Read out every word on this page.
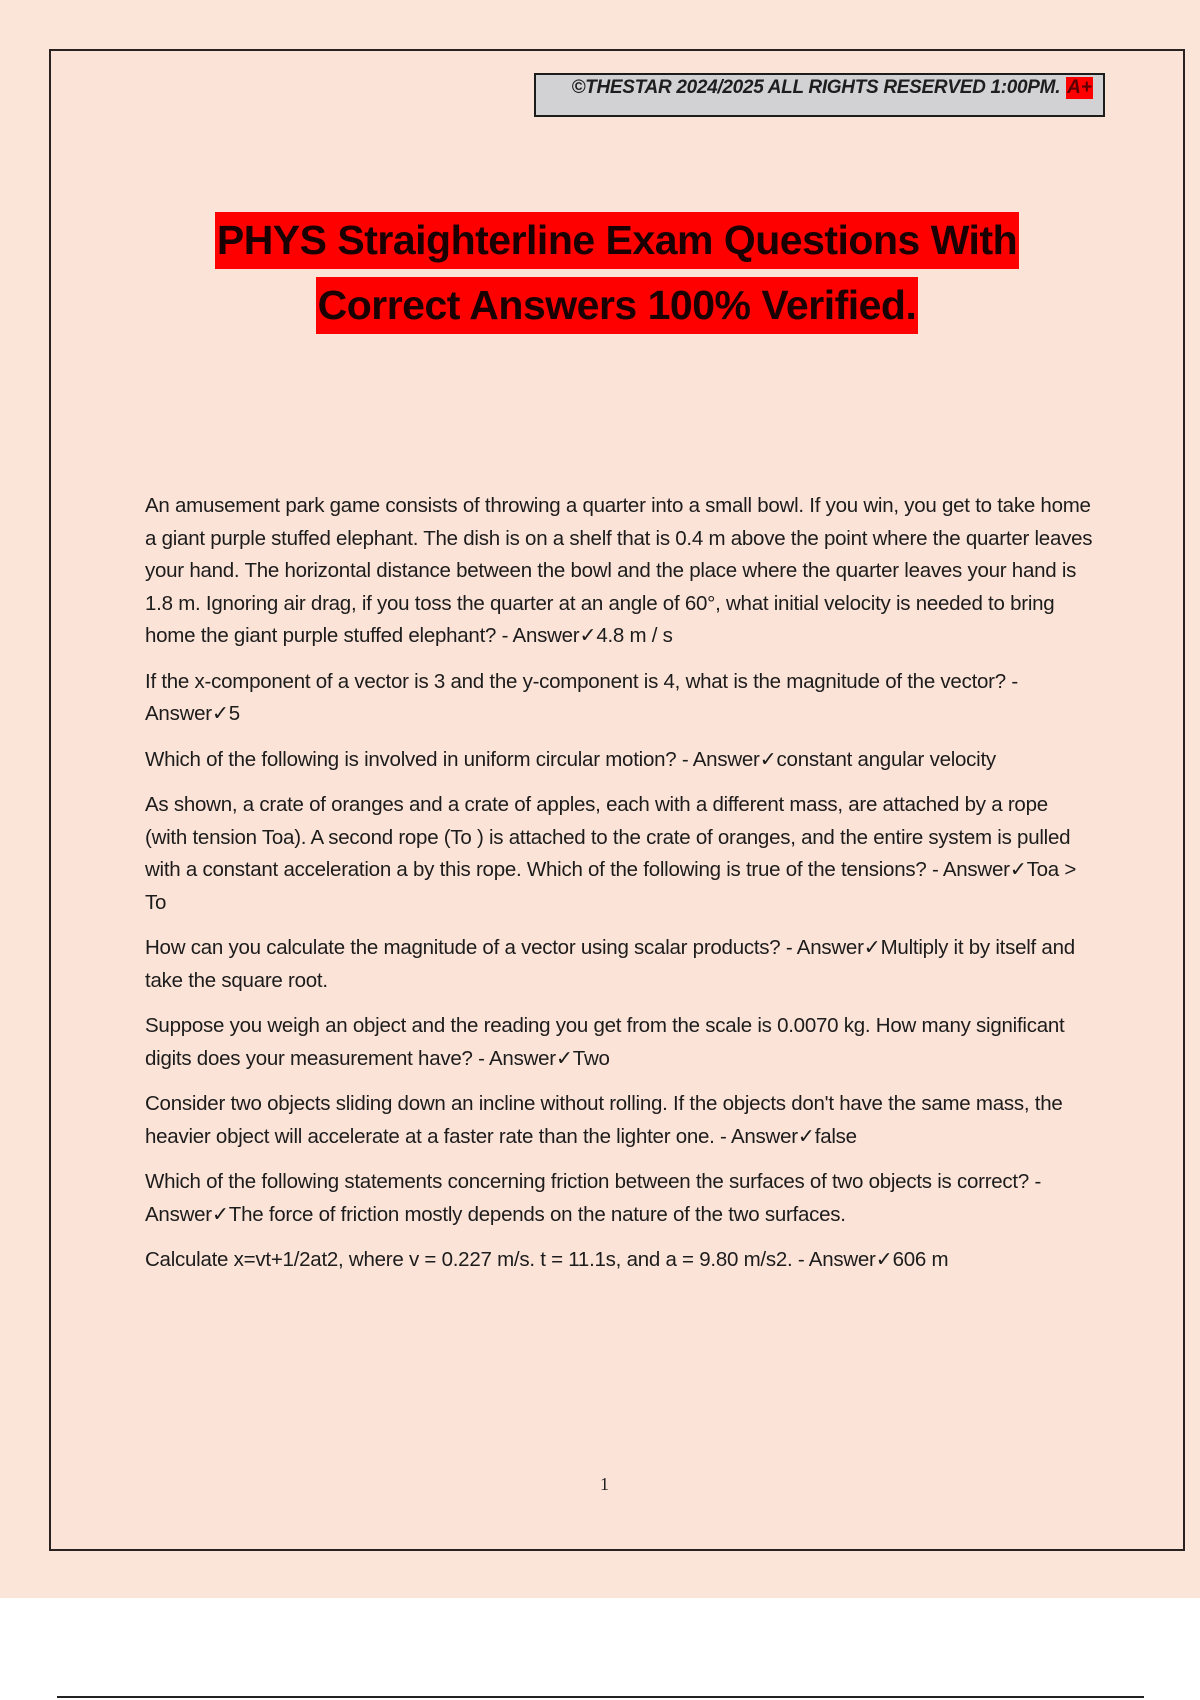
©THESTAR 2024/2025 ALL RIGHTS RESERVED 1:00PM. A+
PHYS Straighterline Exam Questions With
Correct Answers 100% Verified.

An amusement park game consists of throwing a quarter into a small bowl. If you win, you get to take home a giant purple stuffed elephant. The dish is on a shelf that is 0.4 m above the point where the quarter leaves your hand. The horizontal distance between the bowl and the place where the quarter leaves your hand is 1.8 m. Ignoring air drag, if you toss the quarter at an angle of 60°, what initial velocity is needed to bring home the giant purple stuffed elephant? - Answer✓4.8 m / s

If the x-component of a vector is 3 and the y-component is 4, what is the magnitude of the vector? - Answer✓5

Which of the following is involved in uniform circular motion? - Answer✓constant angular velocity

As shown, a crate of oranges and a crate of apples, each with a different mass, are attached by a rope (with tension Toa). A second rope (To ) is attached to the crate of oranges, and the entire system is pulled with a constant acceleration a by this rope. Which of the following is true of the tensions? - Answer✓Toa > To

How can you calculate the magnitude of a vector using scalar products? - Answer✓Multiply it by itself and take the square root.

Suppose you weigh an object and the reading you get from the scale is 0.0070 kg. How many significant digits does your measurement have? - Answer✓Two

Consider two objects sliding down an incline without rolling. If the objects don't have the same mass, the heavier object will accelerate at a faster rate than the lighter one. - Answer✓false

Which of the following statements concerning friction between the surfaces of two objects is correct? - Answer✓The force of friction mostly depends on the nature of the two surfaces.

Calculate x=vt+1/2at2, where v = 0.227 m/s. t = 11.1s, and a = 9.80 m/s2. - Answer✓606 m

1
